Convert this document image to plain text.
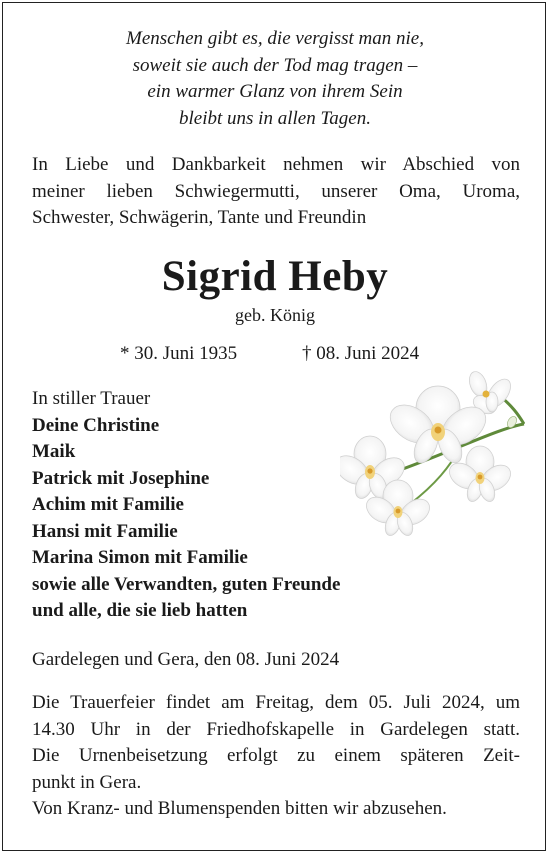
Menschen gibt es, die vergisst man nie,
soweit sie auch der Tod mag tragen –
ein warmer Glanz von ihrem Sein
bleibt uns in allen Tagen.
In Liebe und Dankbarkeit nehmen wir Abschied von
meiner lieben Schwiegermutti, unserer Oma, Uroma,
Schwester, Schwägerin, Tante und Freundin
Sigrid Heby
geb. König
* 30. Juni 1935	† 08. Juni 2024
In stiller Trauer
Deine Christine
Maik
Patrick mit Josephine
Achim mit Familie
Hansi mit Familie
Marina Simon mit Familie
sowie alle Verwandten, guten Freunde
und alle, die sie lieb hatten
Gardelegen und Gera, den 08. Juni 2024
Die Trauerfeier findet am Freitag, dem 05. Juli 2024, um
14.30 Uhr in der Friedhofskapelle in Gardelegen statt.
Die Urnenbeisetzung erfolgt zu einem späteren Zeit-
punkt in Gera.
Von Kranz- und Blumenspenden bitten wir abzusehen.
